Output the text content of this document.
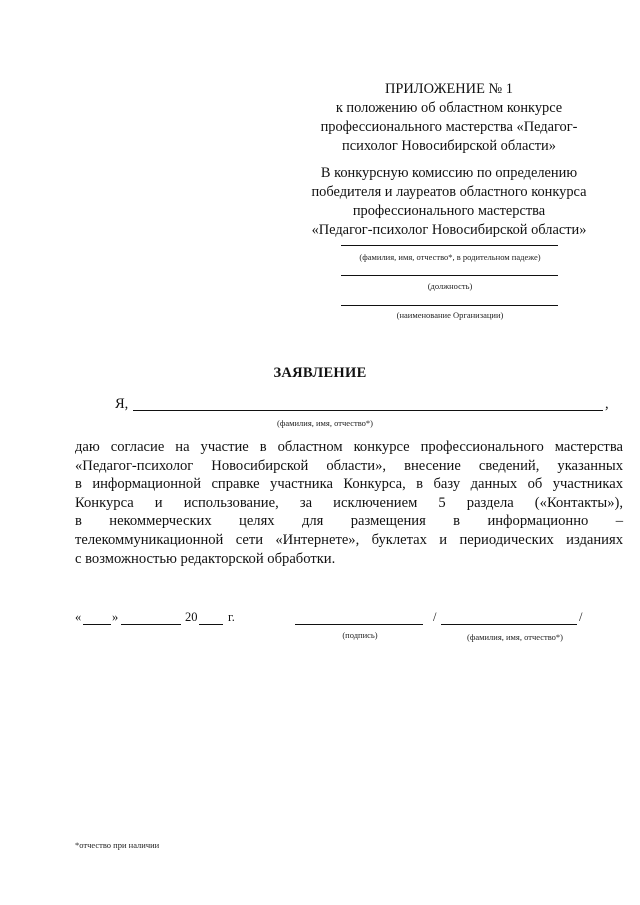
ПРИЛОЖЕНИЕ № 1
к положению об областном конкурсе
профессионального мастерства «Педагог-
психолог Новосибирской области»
В конкурсную комиссию по определению
победителя и лауреатов областного конкурса
профессионального мастерства
«Педагог-психолог Новосибирской области»
(фамилия, имя, отчество*, в родительном падеже)
(должность)
(наименование Организации)
ЗАЯВЛЕНИЕ
Я,	,
(фамилия, имя, отчество*)

даю согласие на участие в областном конкурсе профессионального мастерства

«Педагог-психолог Новосибирской области», внесение сведений, указанных

в информационной справке участника Конкурса, в базу данных об участниках

Конкурса и использование, за исключением 5 раздела («Контакты»),

в некоммерческих целях для размещения в информационно –

телекоммуникационной сети «Интернете», буклетах и периодических изданиях

с возможностью редакторской обработки.

« »	20 г.	/	/
(подпись)	(фамилия, имя, отчество*)
*отчество при наличии
